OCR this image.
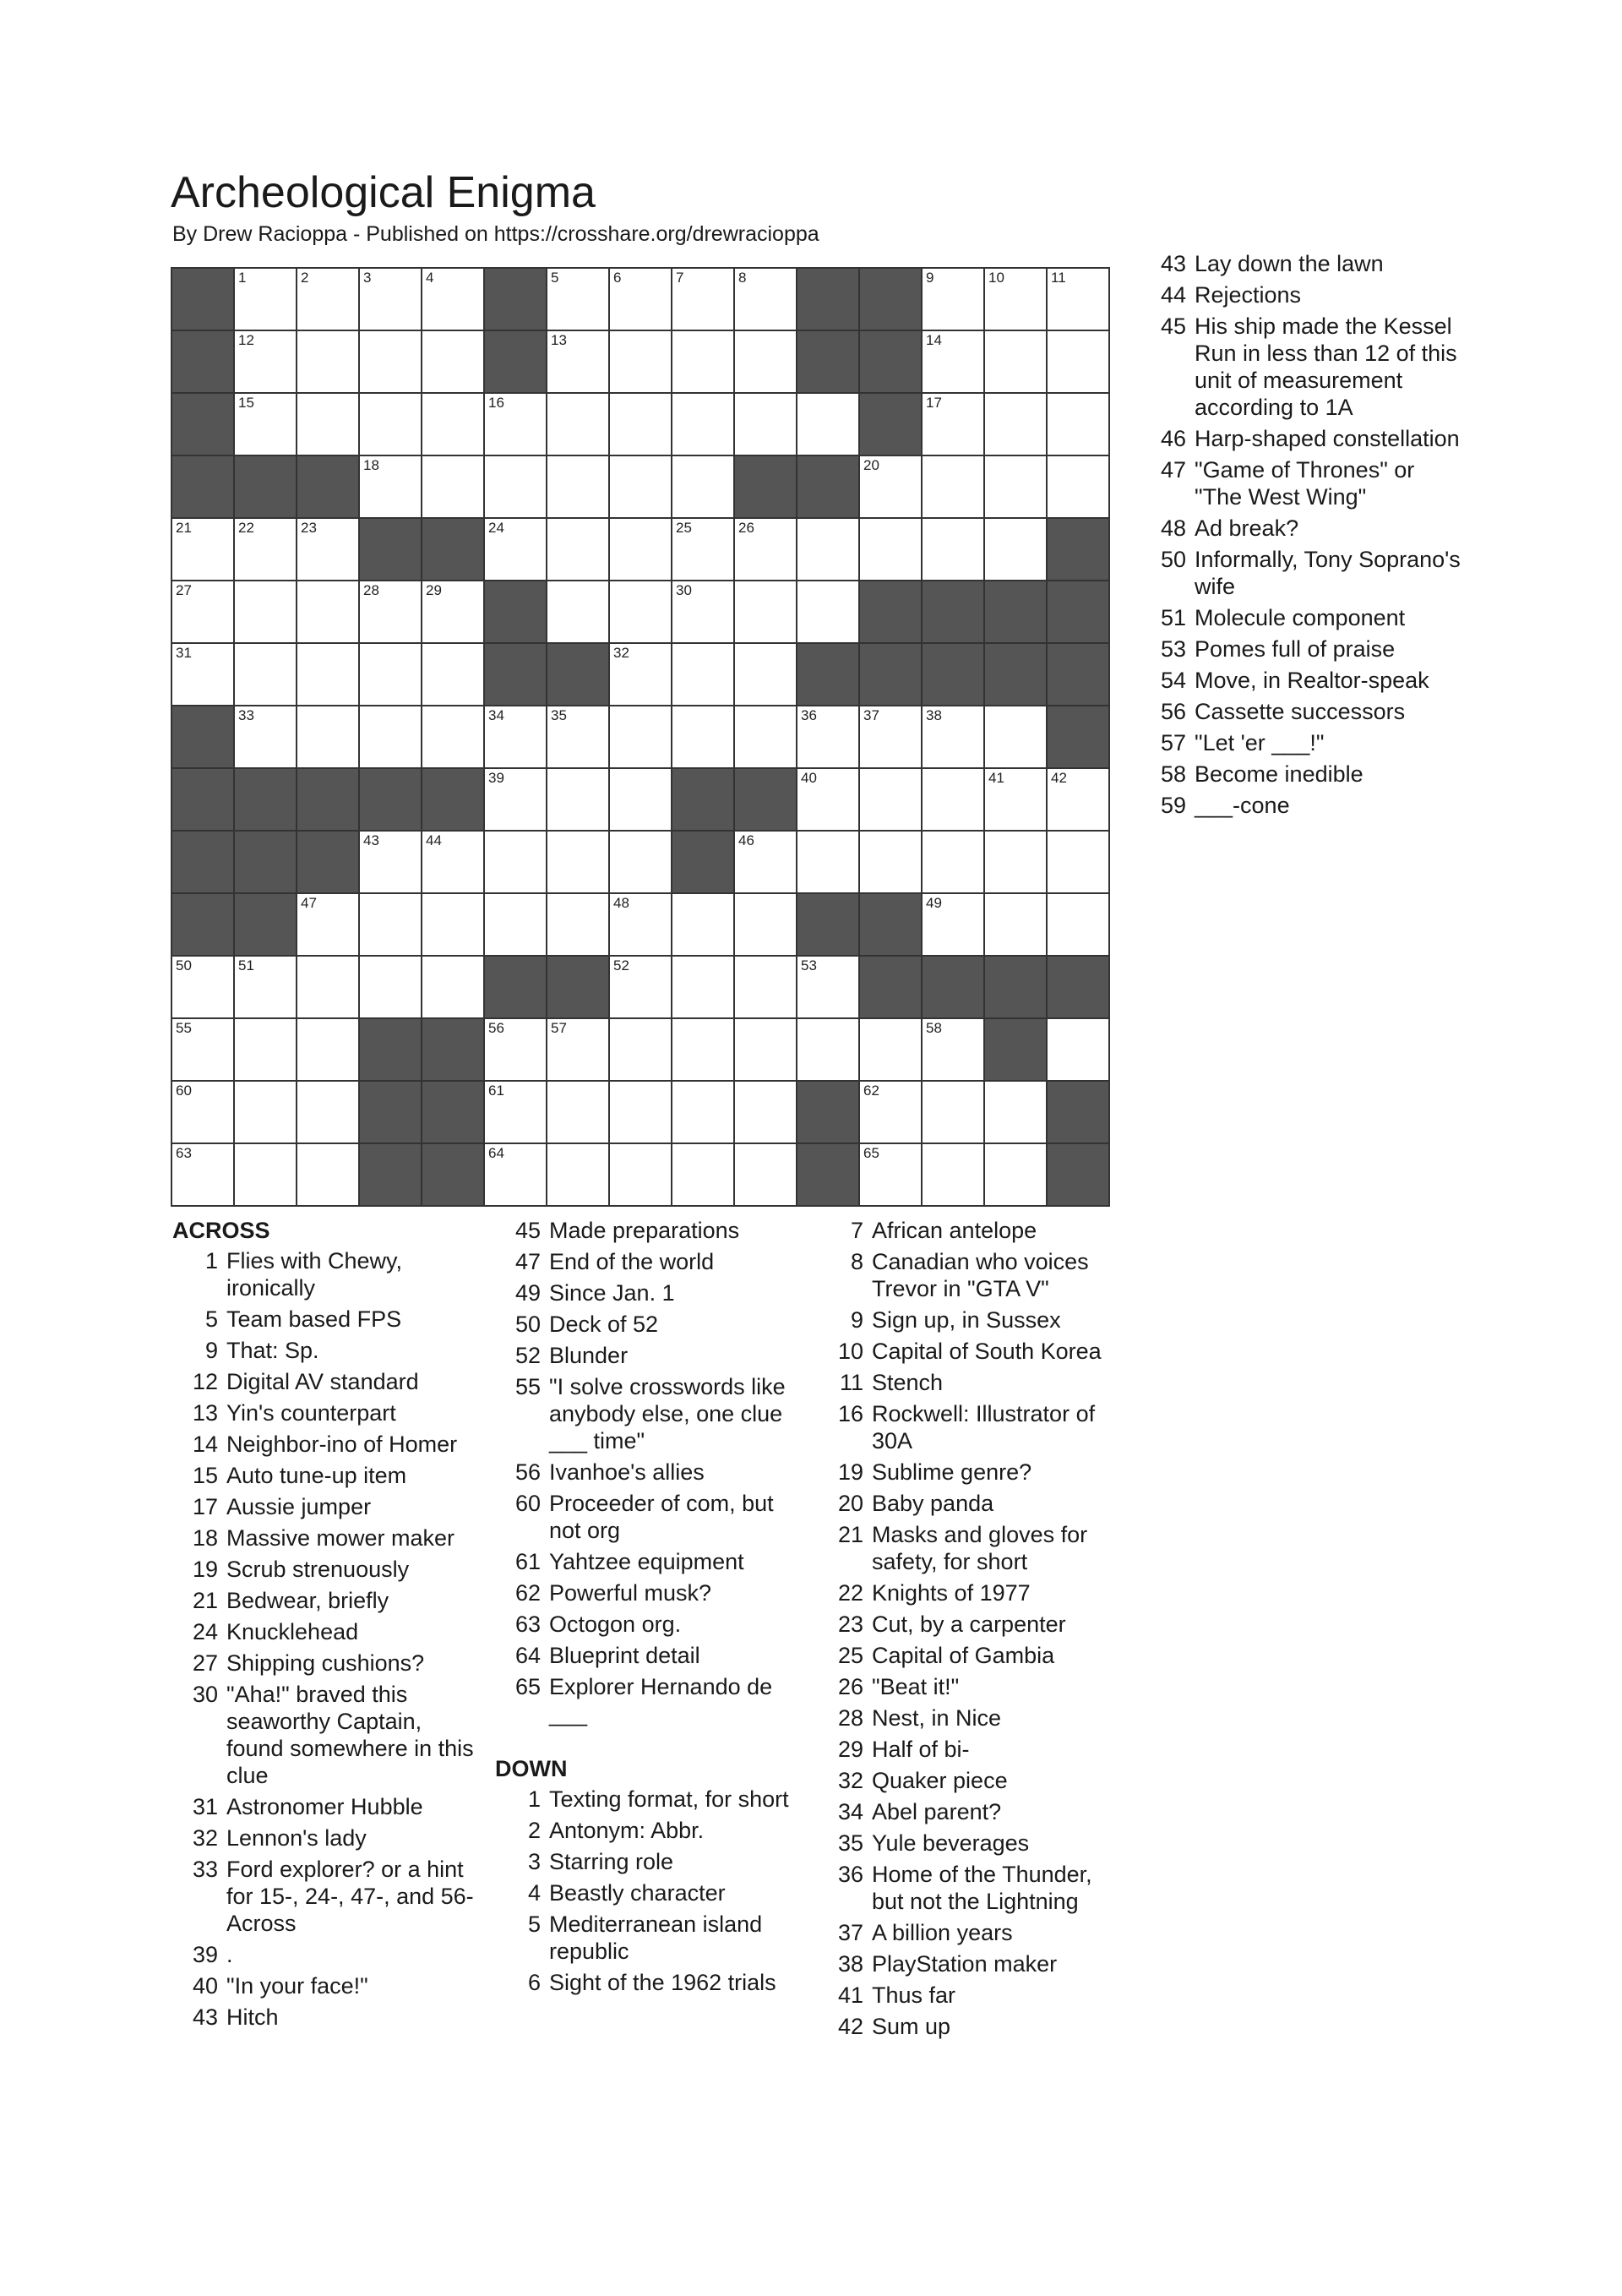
Archeological Enigma
By Drew Racioppa - Published on https://crosshare.org/drewracioppa
1	2	3	4	5	6	7	8	9	10	11
12	13	14
15	16	17
18	20
21	22	23	24	25	26
27	28	29	30
31	32
33	34	35	36	37	38
39	40	41	42
43	44	46
47	48	49
50	51	52	53
55	56	57	58
60	61	62
63	64	65
ACROSS
1 Flies with Chewy, ironically
5 Team based FPS
9 That: Sp.
12 Digital AV standard
13 Yin's counterpart
14 Neighbor-ino of Homer
15 Auto tune-up item
17 Aussie jumper
18 Massive mower maker
19 Scrub strenuously
21 Bedwear, briefly
24 Knucklehead
27 Shipping cushions?
30 "Aha!" braved this seaworthy Captain, found somewhere in this clue
31 Astronomer Hubble
32 Lennon's lady
33 Ford explorer? or a hint for 15-, 24-, 47-, and 56-Across
39 .
40 "In your face!"
43 Hitch
45 Made preparations
47 End of the world
49 Since Jan. 1
50 Deck of 52
52 Blunder
55 "I solve crosswords like anybody else, one clue ___ time"
56 Ivanhoe's allies
60 Proceeder of com, but not org
61 Yahtzee equipment
62 Powerful musk?
63 Octogon org.
64 Blueprint detail
65 Explorer Hernando de ___
DOWN
1 Texting format, for short
2 Antonym: Abbr.
3 Starring role
4 Beastly character
5 Mediterranean island republic
6 Sight of the 1962 trials
7 African antelope
8 Canadian who voices Trevor in "GTA V"
9 Sign up, in Sussex
10 Capital of South Korea
11 Stench
16 Rockwell: Illustrator of 30A
19 Sublime genre?
20 Baby panda
21 Masks and gloves for safety, for short
22 Knights of 1977
23 Cut, by a carpenter
25 Capital of Gambia
26 "Beat it!"
28 Nest, in Nice
29 Half of bi-
32 Quaker piece
34 Abel parent?
35 Yule beverages
36 Home of the Thunder, but not the Lightning
37 A billion years
38 PlayStation maker
41 Thus far
42 Sum up
43 Lay down the lawn
44 Rejections
45 His ship made the Kessel Run in less than 12 of this unit of measurement according to 1A
46 Harp-shaped constellation
47 "Game of Thrones" or "The West Wing"
48 Ad break?
50 Informally, Tony Soprano's wife
51 Molecule component
53 Pomes full of praise
54 Move, in Realtor-speak
56 Cassette successors
57 "Let 'er ___!"
58 Become inedible
59 ___-cone
